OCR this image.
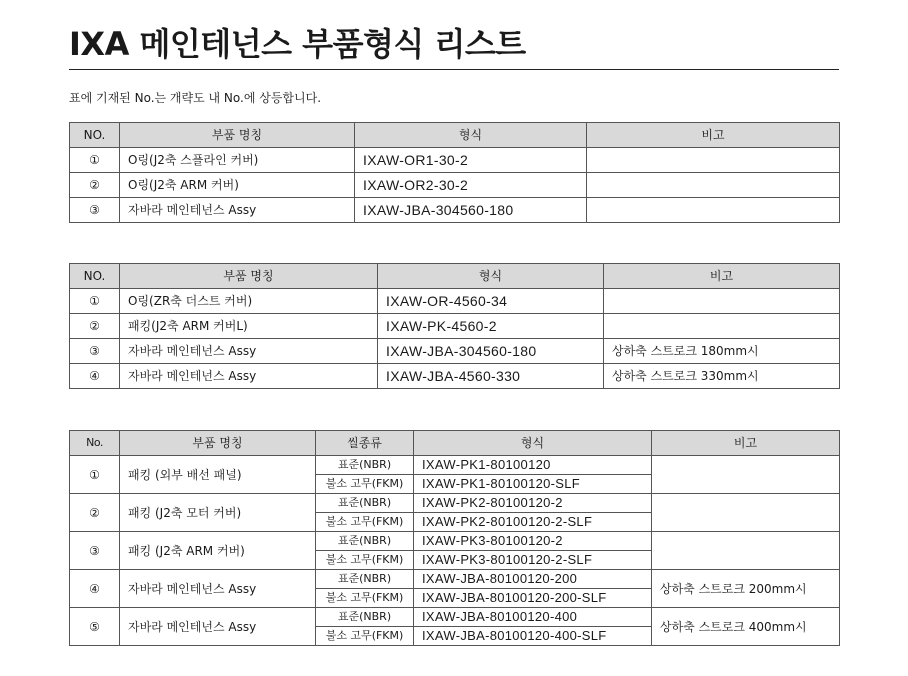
IXA 메인테넌스 부품형식 리스트
표에 기재된 No.는 개략도 내 No.에 상등합니다.
NO.	부품 명칭	형식	비고
①	O링(J2축 스플라인 커버)	IXAW-OR1-30-2	
②	O링(J2축 ARM 커버)	IXAW-OR2-30-2	
③	자바라 메인테넌스 Assy	IXAW-JBA-304560-180	
NO.	부품 명칭	형식	비고
①	O링(ZR축 더스트 커버)	IXAW-OR-4560-34	
②	패킹(J2축 ARM 커버L)	IXAW-PK-4560-2	
③	자바라 메인테넌스 Assy	IXAW-JBA-304560-180	상하축 스트로크 180mm시
④	자바라 메인테넌스 Assy	IXAW-JBA-4560-330	상하축 스트로크 330mm시
No.	부품 명칭	씰종류	형식	비고
①	패킹 (외부 배선 패널)	표준(NBR)	IXAW-PK1-80100120	
		불소 고무(FKM)	IXAW-PK1-80100120-SLF	
②	패킹 (J2축 모터 커버)	표준(NBR)	IXAW-PK2-80100120-2	
		불소 고무(FKM)	IXAW-PK2-80100120-2-SLF	
③	패킹 (J2축 ARM 커버)	표준(NBR)	IXAW-PK3-80100120-2	
		불소 고무(FKM)	IXAW-PK3-80100120-2-SLF	
④	자바라 메인테넌스 Assy	표준(NBR)	IXAW-JBA-80100120-200	상하축 스트로크 200mm시
		불소 고무(FKM)	IXAW-JBA-80100120-200-SLF	
⑤	자바라 메인테넌스 Assy	표준(NBR)	IXAW-JBA-80100120-400	상하축 스트로크 400mm시
		불소 고무(FKM)	IXAW-JBA-80100120-400-SLF	
